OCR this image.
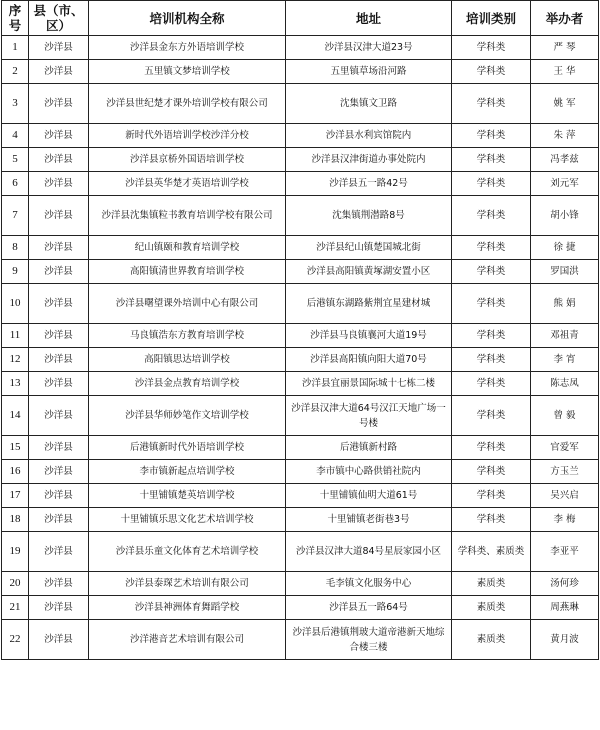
序号	县（市、区）	培训机构全称	地址	培训类别	举办者
1	沙洋县	沙洋县金东方外语培训学校	沙洋县汉津大道23号	学科类	严 琴
2	沙洋县	五里镇文梦培训学校	五里镇草场沿河路	学科类	王 华
3	沙洋县	沙洋县世纪楚才课外培训学校有限公司	沈集镇文卫路	学科类	姚 军
4	沙洋县	新时代外语培训学校沙洋分校	沙洋县水利宾馆院内	学科类	朱 萍
5	沙洋县	沙洋县京桥外国语培训学校	沙洋县汉津街道办事处院内	学科类	冯孝兹
6	沙洋县	沙洋县英华楚才英语培训学校	沙洋县五一路42号	学科类	刘元军
7	沙洋县	沙洋县沈集镇粒书教育培训学校有限公司	沈集镇荆潜路8号	学科类	胡小锋
8	沙洋县	纪山镇颐和教育培训学校	沙洋县纪山镇楚国城北街	学科类	徐 捷
9	沙洋县	高阳镇清世界教育培训学校	沙洋县高阳镇黄塚湖安置小区	学科类	罗国洪
10	沙洋县	沙洋县曙望课外培训中心有限公司	后港镇东湖路紫荆宜星建材城	学科类	熊 娟
11	沙洋县	马良镇浩东方教育培训学校	沙洋县马良镇襄河大道19号	学科类	邓祖青
12	沙洋县	高阳镇思达培训学校	沙洋县高阳镇向阳大道70号	学科类	李 宵
13	沙洋县	沙洋县金点教育培训学校	沙洋县宜丽景国际城十七栋二楼	学科类	陈志凤
14	沙洋县	沙洋县华师妙笔作文培训学校	沙洋县汉津大道64号汉江天地广场一号楼	学科类	曾 毅
15	沙洋县	后港镇新时代外语培训学校	后港镇新村路	学科类	官爱军
16	沙洋县	李市镇新起点培训学校	李市镇中心路供销社院内	学科类	方玉兰
17	沙洋县	十里铺镇楚英培训学校	十里铺镇仙明大道61号	学科类	吴兴启
18	沙洋县	十里铺镇乐思文化艺术培训学校	十里铺镇老街巷3号	学科类	李 梅
19	沙洋县	沙洋县乐童文化体育艺术培训学校	沙洋县汉津大道84号星辰家园小区	学科类、素质类	李亚平
20	沙洋县	沙洋县泰琛艺术培训有限公司	毛李镇文化服务中心	素质类	汤何珍
21	沙洋县	沙洋县神洲体育舞蹈学校	沙洋县五一路64号	素质类	周燕琳
22	沙洋县	沙洋港音艺术培训有限公司	沙洋县后港镇荆玻大道帝港新天地综合楼三楼	素质类	黄月波
